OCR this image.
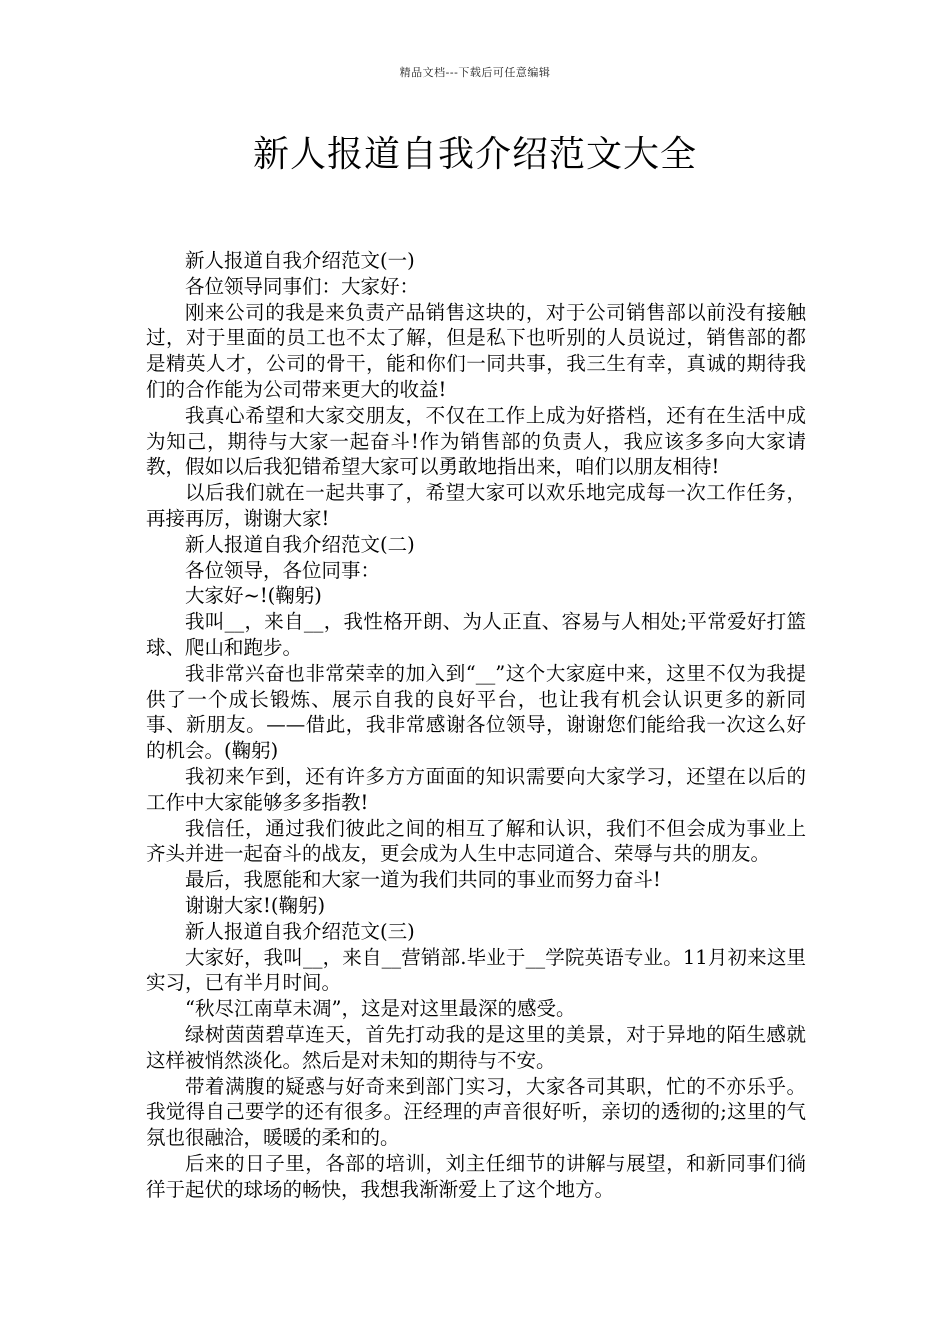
精品文档---下载后可任意编辑
新人报道自我介绍范文大全

新人报道自我介绍范文(一)

各位领导同事们：大家好：

刚来公司的我是来负责产品销售这块的，对于公司销售部以前没有接触过，对于里面的员工也不太了解，但是私下也听别的人员说过，销售部的都是精英人才，公司的骨干，能和你们一同共事，我三生有幸，真诚的期待我们的合作能为公司带来更大的收益!

我真心希望和大家交朋友，不仅在工作上成为好搭档，还有在生活中成为知己，期待与大家一起奋斗!作为销售部的负责人，我应该多多向大家请教，假如以后我犯错希望大家可以勇敢地指出来，咱们以朋友相待!

以后我们就在一起共事了，希望大家可以欢乐地完成每一次工作任务，再接再厉，谢谢大家!

新人报道自我介绍范文(二)

各位领导，各位同事：

大家好~!(鞠躬)

我叫__，来自__，我性格开朗、为人正直、容易与人相处;平常爱好打篮球、爬山和跑步。

我非常兴奋也非常荣幸的加入到“__”这个大家庭中来，这里不仅为我提供了一个成长锻炼、展示自我的良好平台，也让我有机会认识更多的新同事、新朋友。——借此，我非常感谢各位领导，谢谢您们能给我一次这么好的机会。(鞠躬)

我初来乍到，还有许多方方面面的知识需要向大家学习，还望在以后的工作中大家能够多多指教!

我信任，通过我们彼此之间的相互了解和认识，我们不但会成为事业上齐头并进一起奋斗的战友，更会成为人生中志同道合、荣辱与共的朋友。

最后，我愿能和大家一道为我们共同的事业而努力奋斗!

谢谢大家!(鞠躬)

新人报道自我介绍范文(三)

大家好，我叫__，来自__营销部.毕业于__学院英语专业。11月初来这里实习，已有半月时间。

“秋尽江南草未凋”，这是对这里最深的感受。

绿树茵茵碧草连天，首先打动我的是这里的美景，对于异地的陌生感就这样被悄然淡化。然后是对未知的期待与不安。

带着满腹的疑惑与好奇来到部门实习，大家各司其职，忙的不亦乐乎。我觉得自己要学的还有很多。汪经理的声音很好听，亲切的透彻的;这里的气氛也很融洽，暖暖的柔和的。

后来的日子里，各部的培训，刘主任细节的讲解与展望，和新同事们徜徉于起伏的球场的畅快，我想我渐渐爱上了这个地方。
